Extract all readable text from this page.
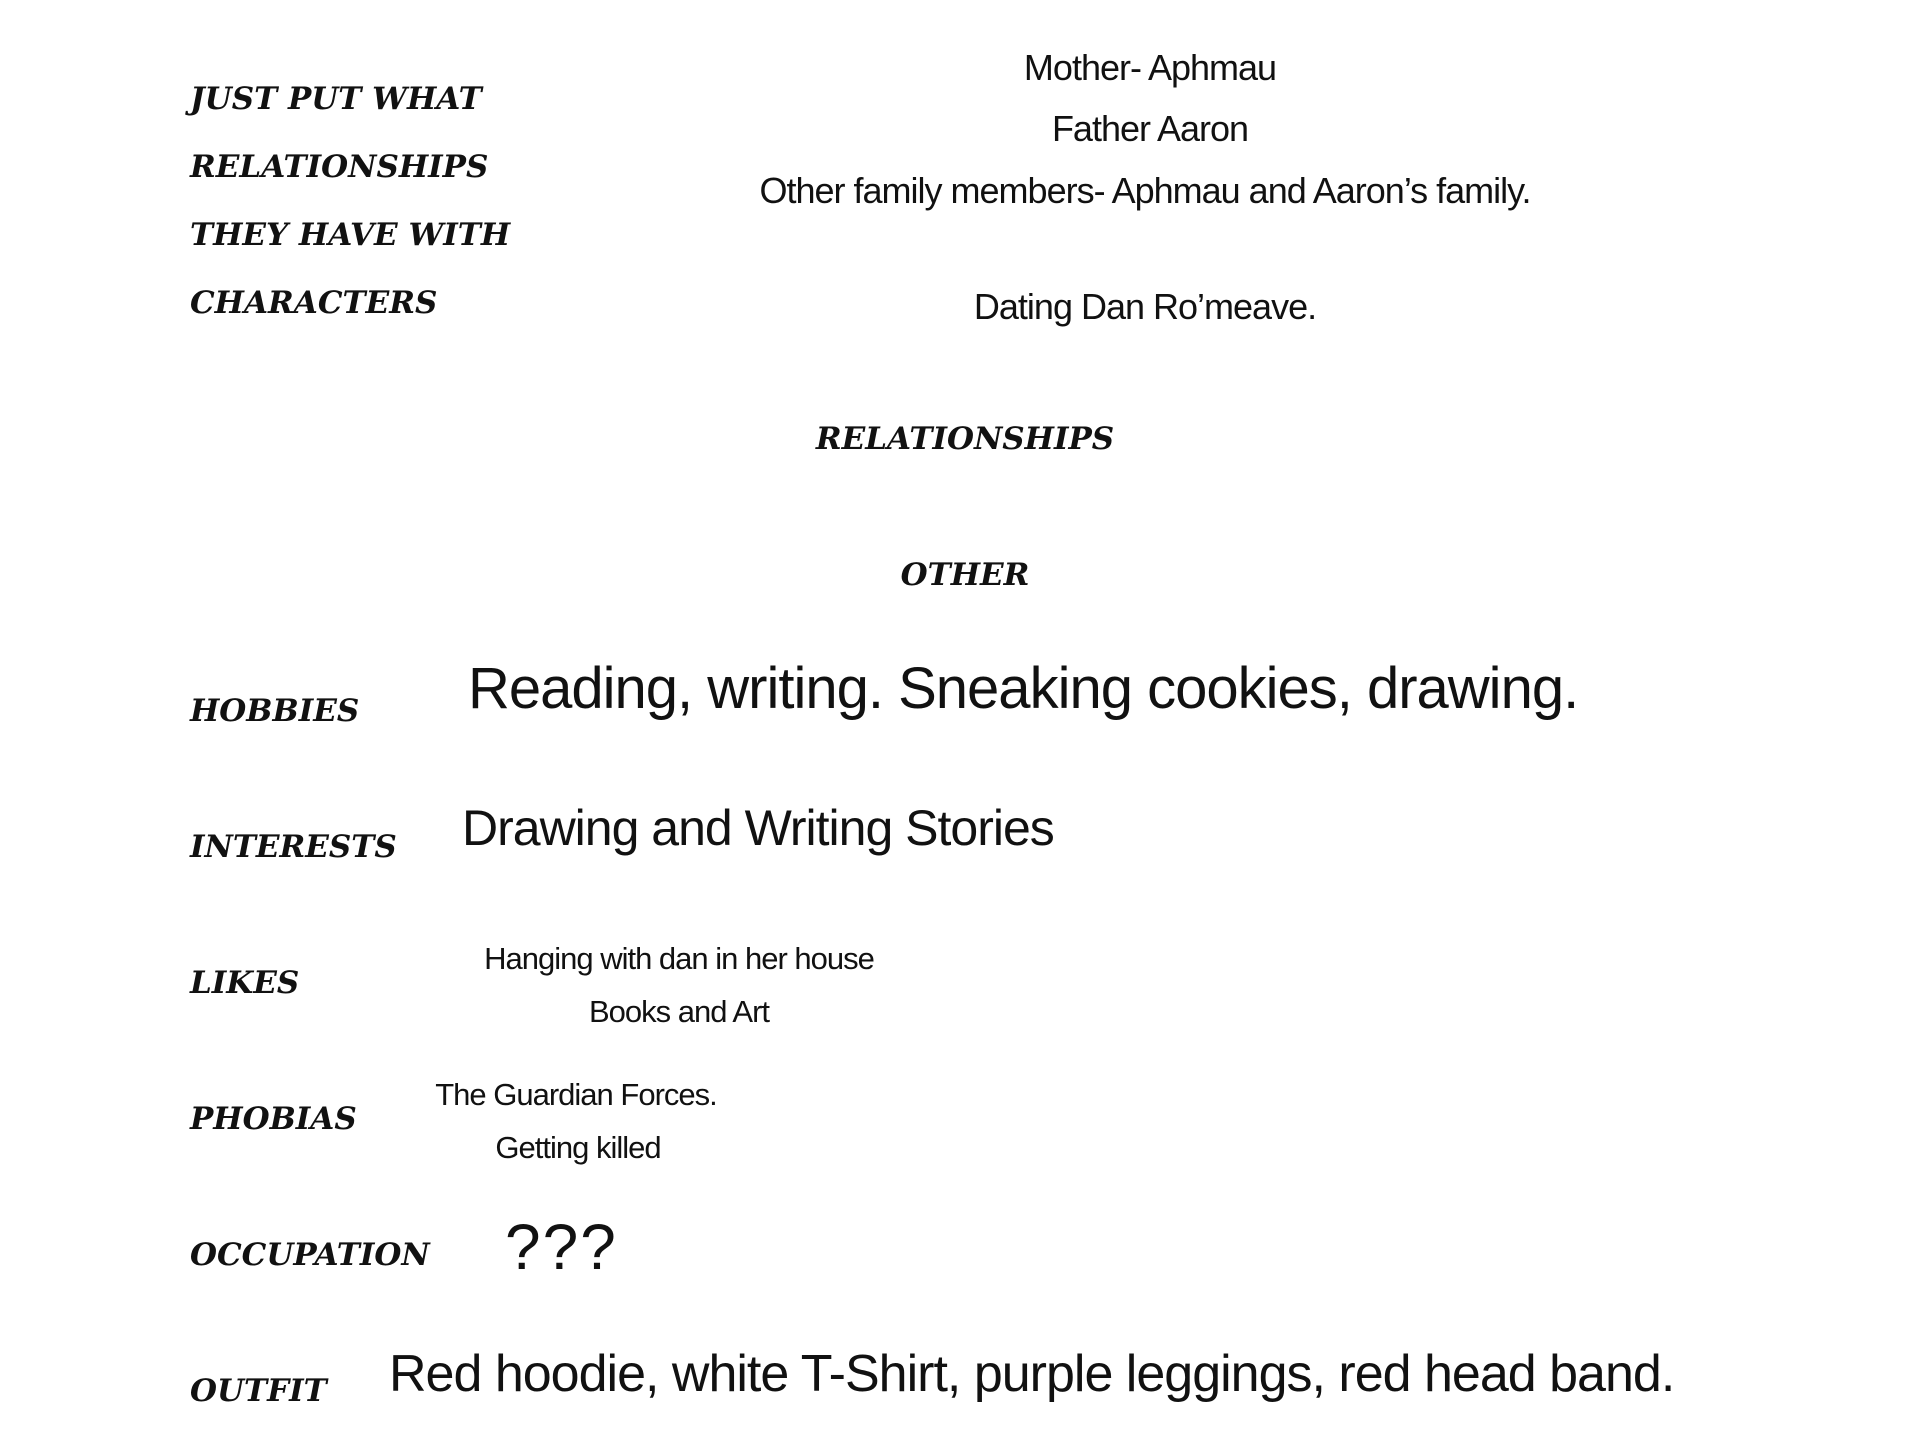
JUST PUT WHAT
RELATIONSHIPS
THEY HAVE WITH
CHARACTERS
Mother- Aphmau
Father Aaron
Other family members- Aphmau and Aaron’s family.
Dating Dan Ro’meave.
RELATIONSHIPS
OTHER
HOBBIES Reading, writing. Sneaking cookies, drawing.
INTERESTS Drawing and Writing Stories
LIKES
Hanging with dan in her house
Books and Art
PHOBIAS
The Guardian Forces.
Getting killed
OCCUPATION ???
OUTFIT Red hoodie, white T-Shirt, purple leggings, red head band.
